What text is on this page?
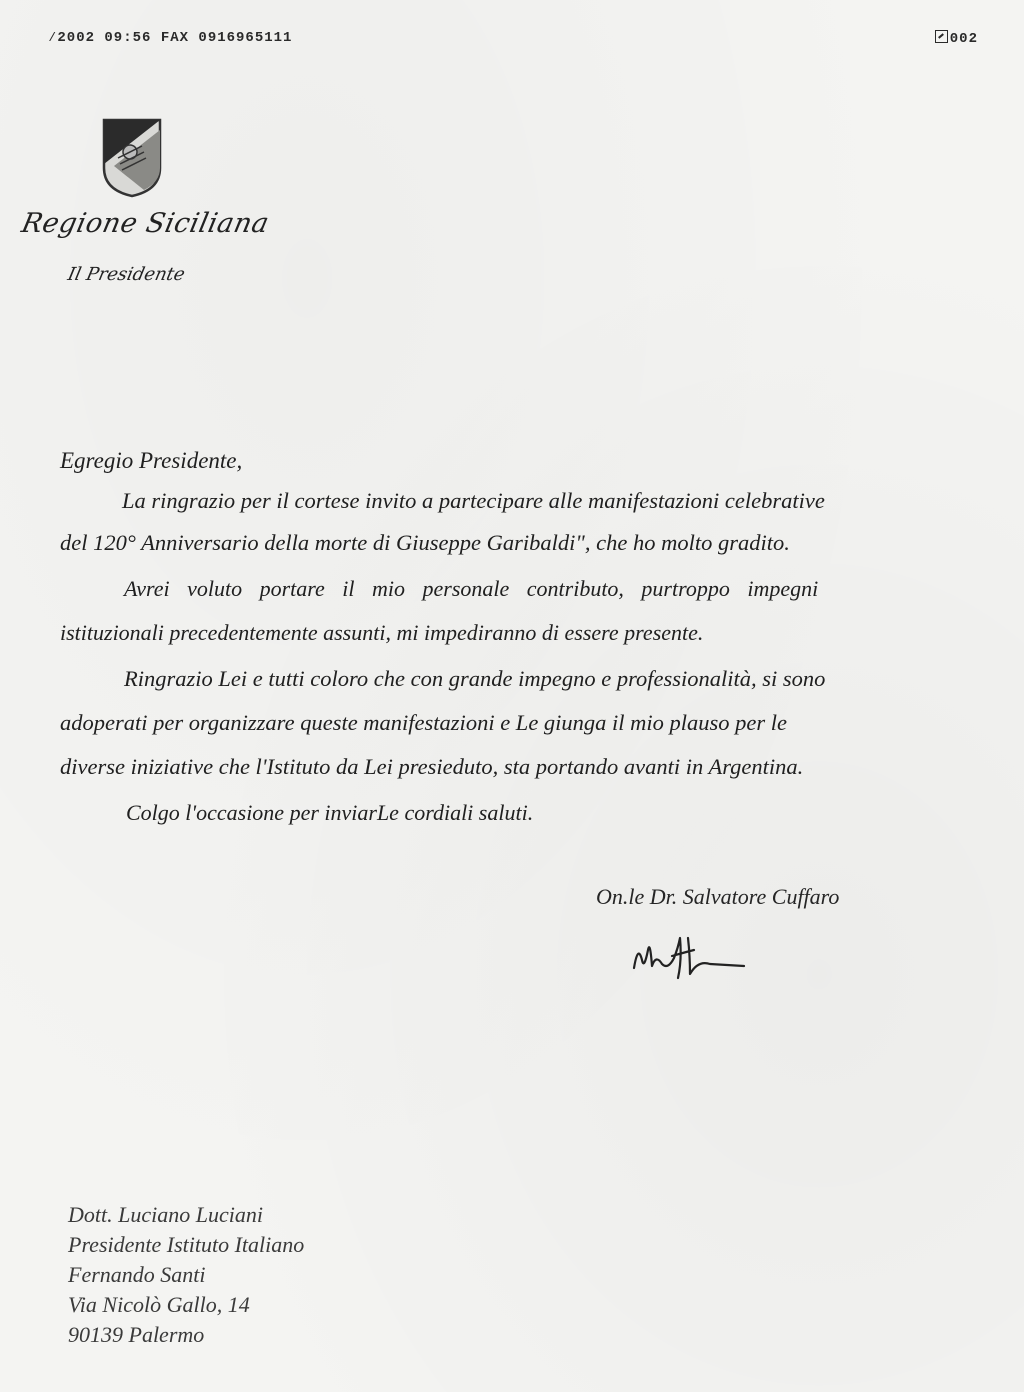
⁄2002 09:56 FAX 0916965111	002
Regione Siciliana
Il Presidente
Egregio Presidente,
La ringrazio per il cortese invito a partecipare alle manifestazioni celebrative
del 120° Anniversario della morte di Giuseppe Garibaldi", che ho molto gradito.
Avrei voluto portare il mio personale contributo, purtroppo impegni
istituzionali precedentemente assunti, mi impediranno di essere presente.
Ringrazio Lei e tutti coloro che con grande impegno e professionalità, si sono
adoperati per organizzare queste manifestazioni e Le giunga il mio plauso per le
diverse iniziative che l'Istituto da Lei presieduto, sta portando avanti in Argentina.
Colgo l'occasione per inviarLe cordiali saluti.
On.le Dr. Salvatore Cuffaro
Dott. Luciano Luciani
Presidente Istituto Italiano
Fernando Santi
Via Nicolò Gallo, 14
90139 Palermo
